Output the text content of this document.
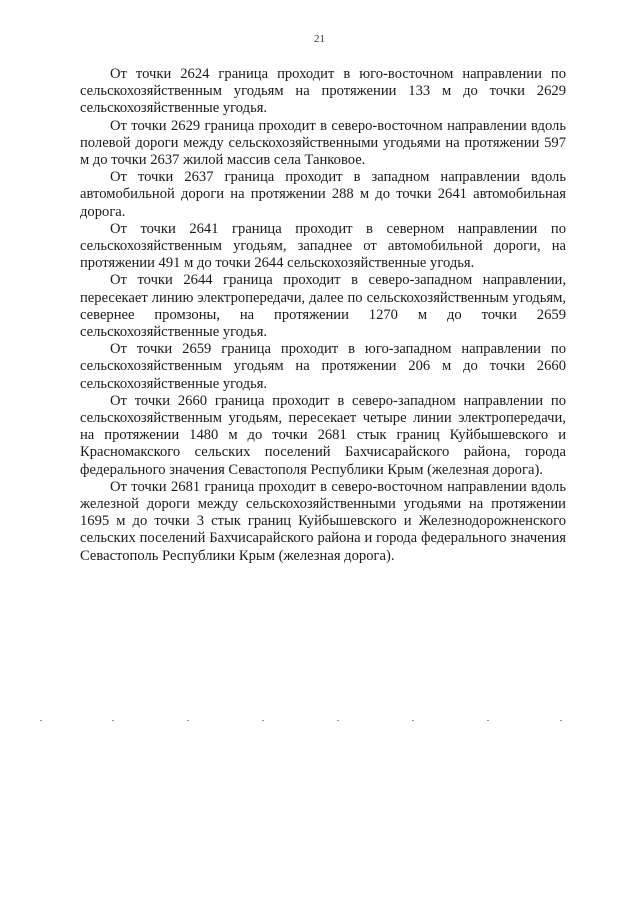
21

От точки 2624 граница проходит в юго-восточном направлении по сельскохозяйственным угодьям на протяжении 133 м до точки 2629 сельскохозяйственные угодья.

От точки 2629 граница проходит в северо-восточном направлении вдоль полевой дороги между сельскохозяйственными угодьями на протяжении 597 м до точки 2637 жилой массив села Танковое.

От точки 2637 граница проходит в западном направлении вдоль автомобильной дороги на протяжении 288 м до точки 2641 автомобильная дорога.

От точки 2641 граница проходит в северном направлении по сельскохозяйственным угодьям, западнее от автомобильной дороги, на протяжении 491 м до точки 2644 сельскохозяйственные угодья.

От точки 2644 граница проходит в северо-западном направлении, пересекает линию электропередачи, далее по сельскохозяйственным угодьям, севернее промзоны, на протяжении 1270 м до точки 2659 сельскохозяйственные угодья.

От точки 2659 граница проходит в юго-западном направлении по сельскохозяйственным угодьям на протяжении 206 м до точки 2660 сельскохозяйственные угодья.

От точки 2660 граница проходит в северо-западном направлении по сельскохозяйственным угодьям, пересекает четыре линии электропередачи, на протяжении 1480 м до точки 2681 стык границ Куйбышевского и Красномакского сельских поселений Бахчисарайского района, города федерального значения Севастополя Республики Крым (железная дорога).

От точки 2681 граница проходит в северо-восточном направлении вдоль железной дороги между сельскохозяйственными угодьями на протяжении 1695 м до точки 3 стык границ Куйбышевского и Железнодорожненского сельских поселений Бахчисарайского района и города федерального значения Севастополь Республики Крым (железная дорога).
